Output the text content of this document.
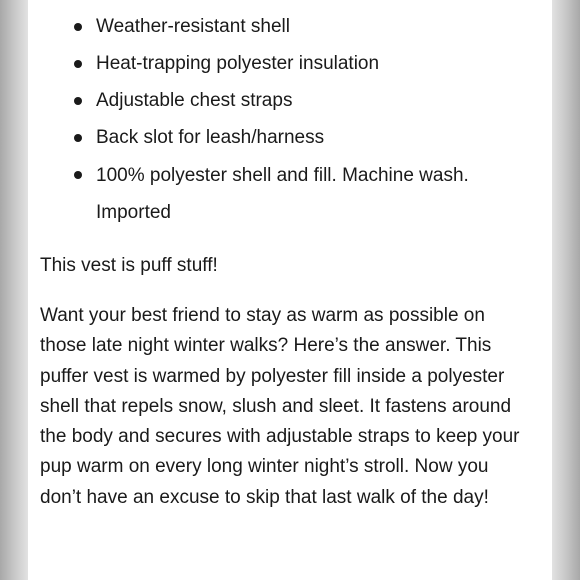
Weather-resistant shell
Heat-trapping polyester insulation
Adjustable chest straps
Back slot for leash/harness
100% polyester shell and fill. Machine wash. Imported

This vest is puff stuff!

Want your best friend to stay as warm as possible on those late night winter walks? Here’s the answer. This puffer vest is warmed by polyester fill inside a polyester shell that repels snow, slush and sleet. It fastens around the body and secures with adjustable straps to keep your pup warm on every long winter night’s stroll. Now you don’t have an excuse to skip that last walk of the day!
